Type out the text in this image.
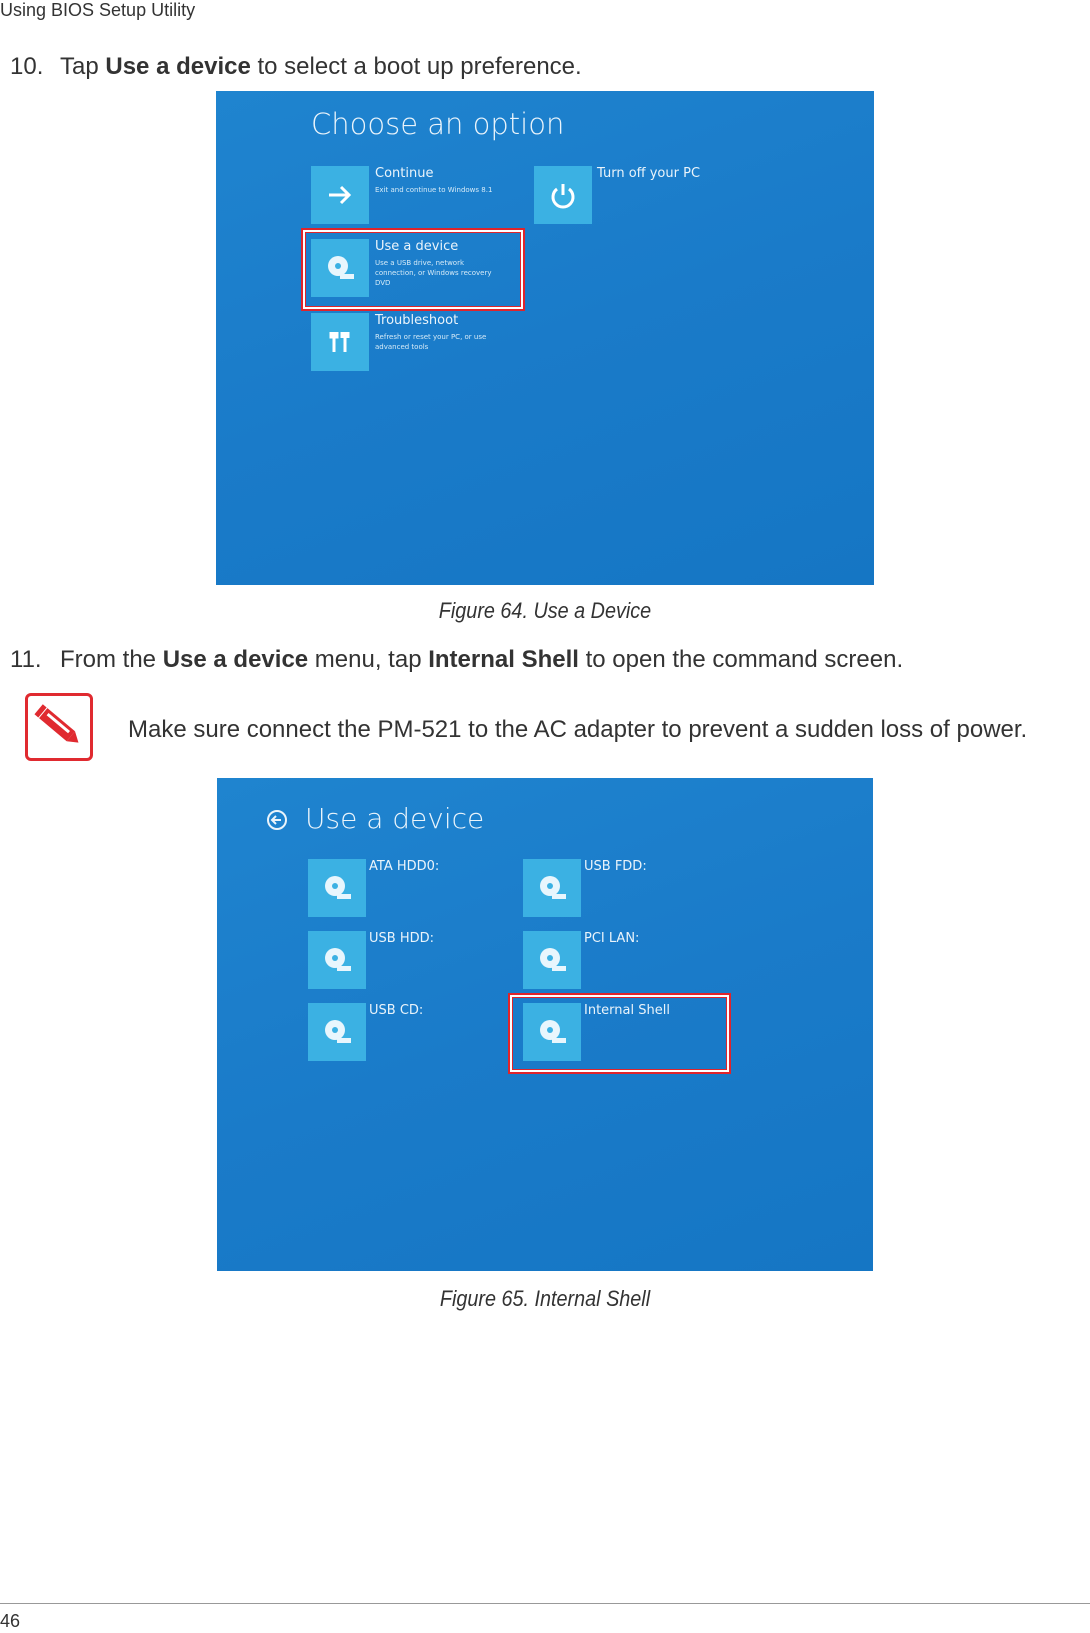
Using BIOS Setup Utility
10. Tap Use a device to select a boot up preference.
Choose an option
Continue
Exit and continue to Windows 8.1
Turn off your PC
Use a device
Use a USB drive, network connection, or Windows recovery DVD
Troubleshoot
Refresh or reset your PC, or use advanced tools
Figure 64. Use a Device
11. From the Use a device menu, tap Internal Shell to open the command screen.
Make sure connect the PM-521 to the AC adapter to prevent a sudden loss of power.
Use a device
ATA HDD0:	USB FDD:
USB HDD:	PCI LAN:
USB CD:	Internal Shell
Figure 65. Internal Shell
46
